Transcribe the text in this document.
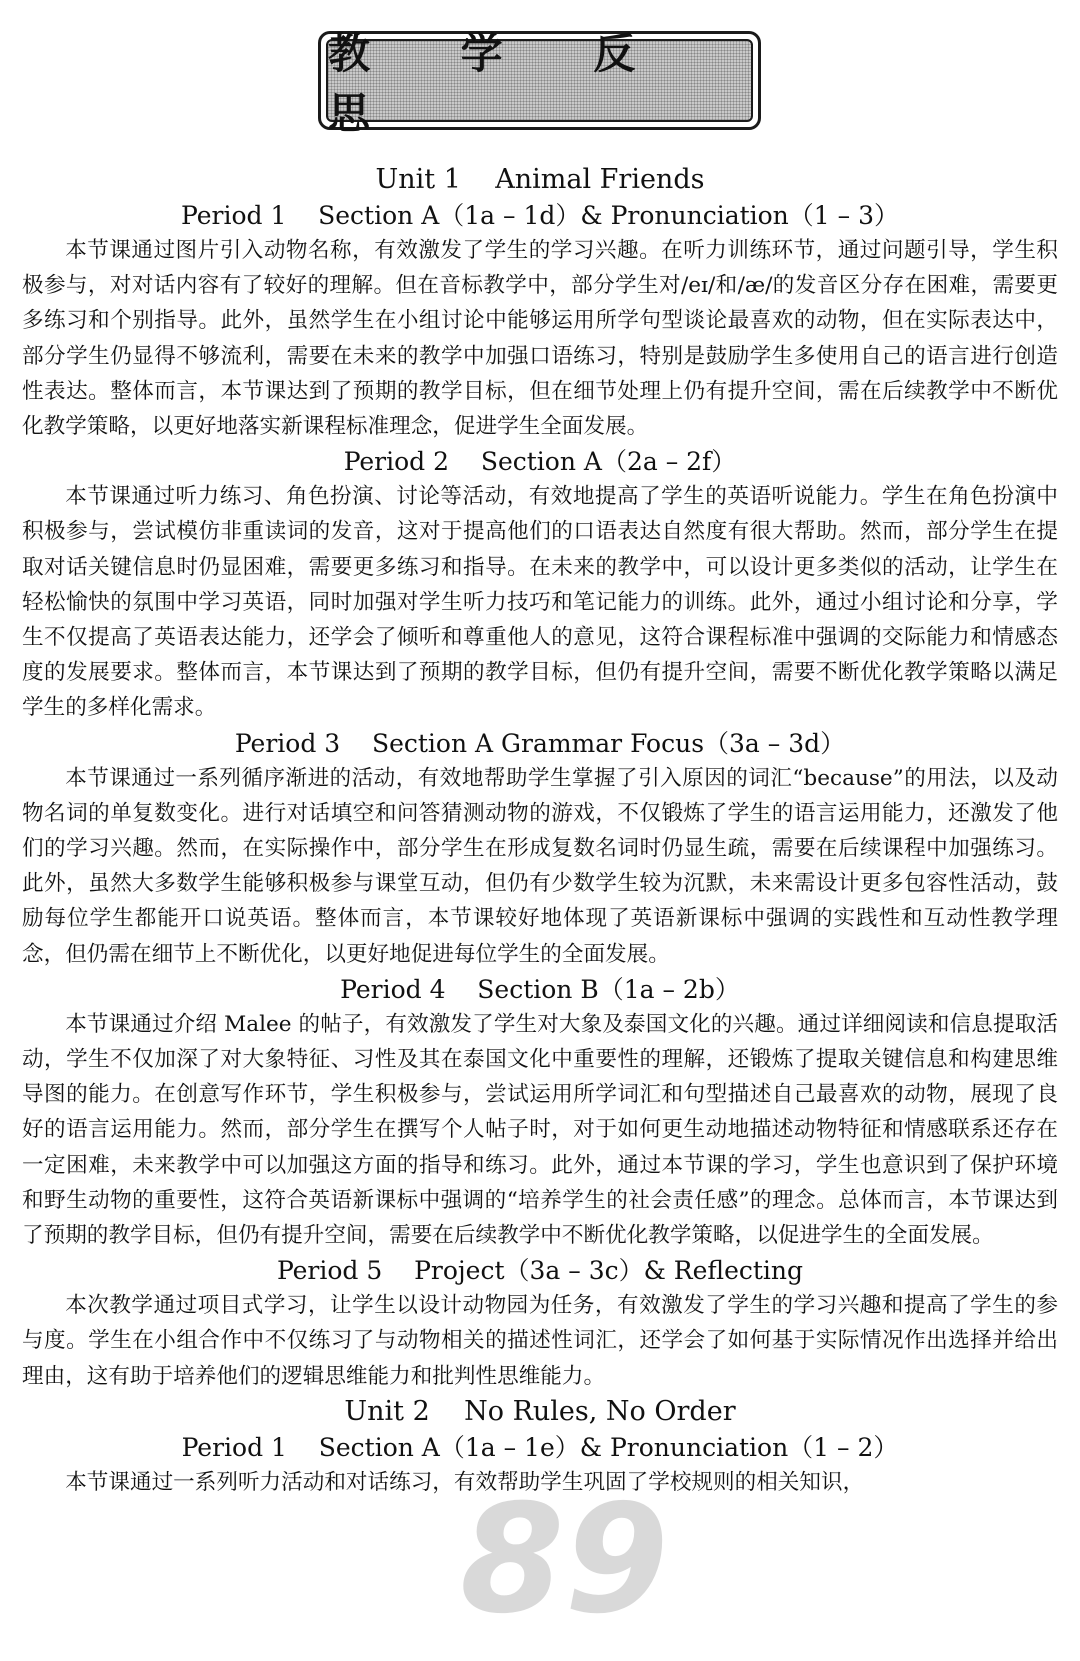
教 学 反 思
Unit 1    Animal Friends
Period 1    Section A（1a – 1d）& Pronunciation（1 – 3）

本节课通过图片引入动物名称，有效激发了学生的学习兴趣。在听力训练环节，通过问题引导，学生积极参与，对对话内容有了较好的理解。但在音标教学中，部分学生对/eɪ/和/æ/的发音区分存在困难，需要更多练习和个别指导。此外，虽然学生在小组讨论中能够运用所学句型谈论最喜欢的动物，但在实际表达中，部分学生仍显得不够流利，需要在未来的教学中加强口语练习，特别是鼓励学生多使用自己的语言进行创造性表达。整体而言，本节课达到了预期的教学目标，但在细节处理上仍有提升空间，需在后续教学中不断优化教学策略，以更好地落实新课程标准理念，促进学生全面发展。

Period 2    Section A（2a – 2f）

本节课通过听力练习、角色扮演、讨论等活动，有效地提高了学生的英语听说能力。学生在角色扮演中积极参与，尝试模仿非重读词的发音，这对于提高他们的口语表达自然度有很大帮助。然而，部分学生在提取对话关键信息时仍显困难，需要更多练习和指导。在未来的教学中，可以设计更多类似的活动，让学生在轻松愉快的氛围中学习英语，同时加强对学生听力技巧和笔记能力的训练。此外，通过小组讨论和分享，学生不仅提高了英语表达能力，还学会了倾听和尊重他人的意见，这符合课程标准中强调的交际能力和情感态度的发展要求。整体而言，本节课达到了预期的教学目标，但仍有提升空间，需要不断优化教学策略以满足学生的多样化需求。

Period 3    Section A Grammar Focus（3a – 3d）

本节课通过一系列循序渐进的活动，有效地帮助学生掌握了引入原因的词汇“because”的用法，以及动物名词的单复数变化。进行对话填空和问答猜测动物的游戏，不仅锻炼了学生的语言运用能力，还激发了他们的学习兴趣。然而，在实际操作中，部分学生在形成复数名词时仍显生疏，需要在后续课程中加强练习。此外，虽然大多数学生能够积极参与课堂互动，但仍有少数学生较为沉默，未来需设计更多包容性活动，鼓励每位学生都能开口说英语。整体而言，本节课较好地体现了英语新课标中强调的实践性和互动性教学理念，但仍需在细节上不断优化，以更好地促进每位学生的全面发展。

Period 4    Section B（1a – 2b）

本节课通过介绍 Malee 的帖子，有效激发了学生对大象及泰国文化的兴趣。通过详细阅读和信息提取活动，学生不仅加深了对大象特征、习性及其在泰国文化中重要性的理解，还锻炼了提取关键信息和构建思维导图的能力。在创意写作环节，学生积极参与，尝试运用所学词汇和句型描述自己最喜欢的动物，展现了良好的语言运用能力。然而，部分学生在撰写个人帖子时，对于如何更生动地描述动物特征和情感联系还存在一定困难，未来教学中可以加强这方面的指导和练习。此外，通过本节课的学习，学生也意识到了保护环境和野生动物的重要性，这符合英语新课标中强调的“培养学生的社会责任感”的理念。总体而言，本节课达到了预期的教学目标，但仍有提升空间，需要在后续教学中不断优化教学策略，以促进学生的全面发展。

Period 5    Project（3a – 3c）& Reflecting

本次教学通过项目式学习，让学生以设计动物园为任务，有效激发了学生的学习兴趣和提高了学生的参与度。学生在小组合作中不仅练习了与动物相关的描述性词汇，还学会了如何基于实际情况作出选择并给出理由，这有助于培养他们的逻辑思维能力和批判性思维能力。

Unit 2    No Rules, No Order
Period 1    Section A（1a – 1e）& Pronunciation（1 – 2）

本节课通过一系列听力活动和对话练习，有效帮助学生巩固了学校规则的相关知识，

89
